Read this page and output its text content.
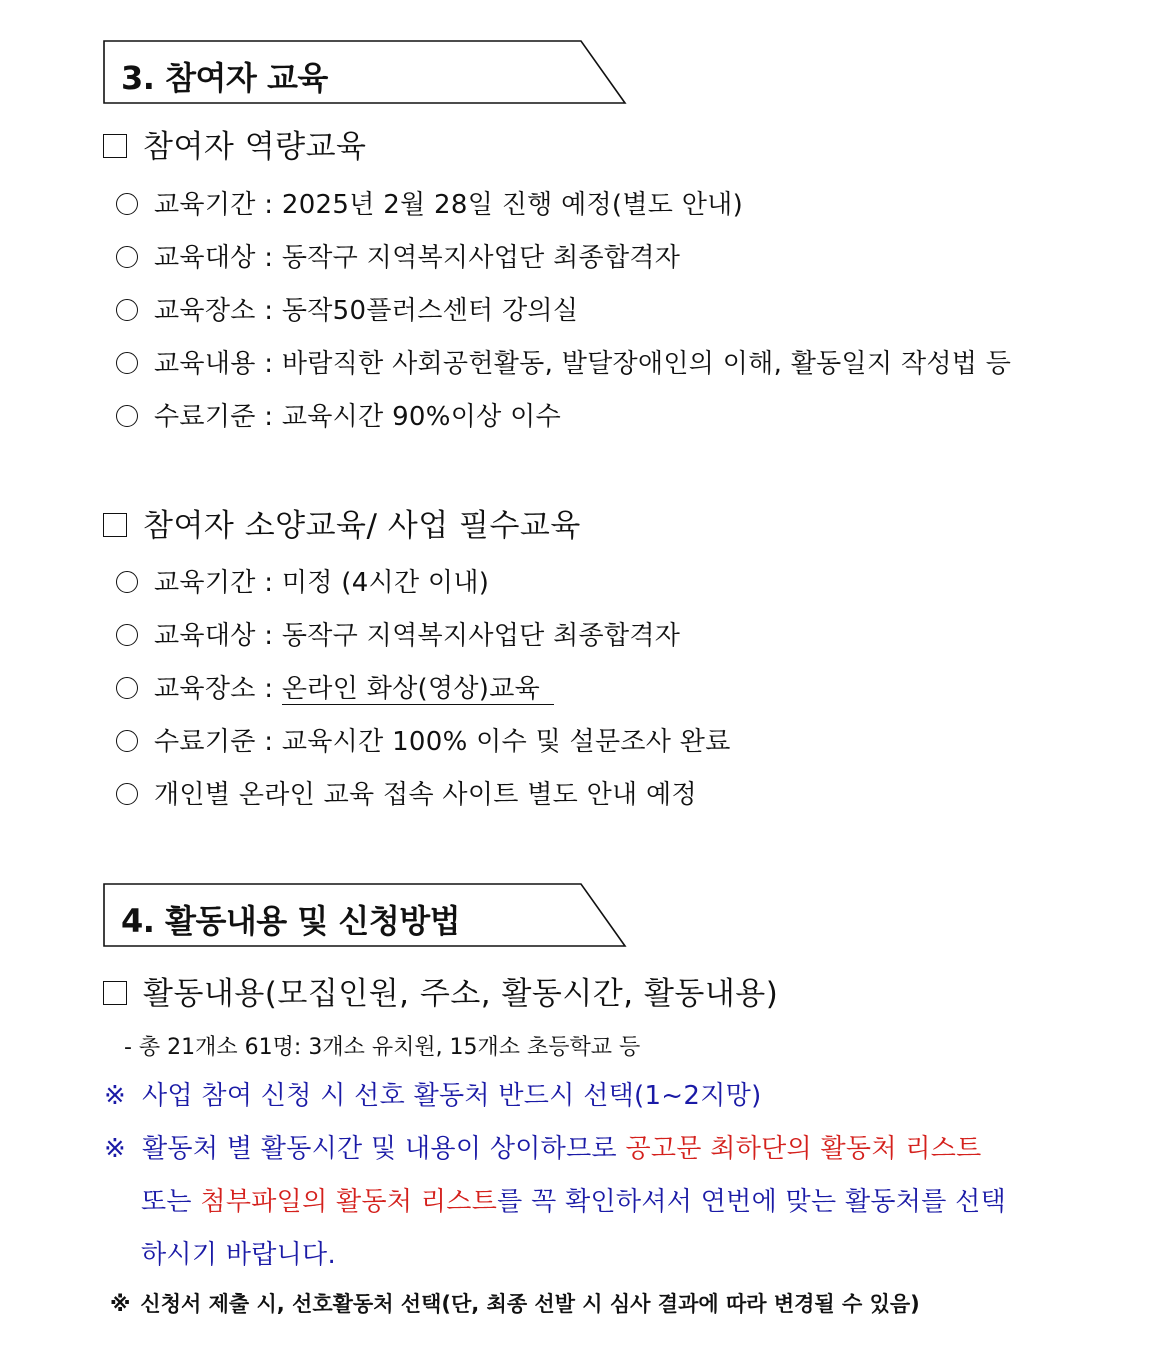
3. 참여자 교육
참여자 역량교육
교육기간 : 2025년 2월 28일 진행 예정(별도 안내)
교육대상 : 동작구 지역복지사업단 최종합격자
교육장소 : 동작50플러스센터 강의실
교육내용 : 바람직한 사회공헌활동, 발달장애인의 이해, 활동일지 작성법 등
수료기준 : 교육시간 90%이상 이수
참여자 소양교육/ 사업 필수교육
교육기간 : 미정 (4시간 이내)
교육대상 : 동작구 지역복지사업단 최종합격자
교육장소 : 온라인 화상(영상)교육
수료기준 : 교육시간 100% 이수 및 설문조사 완료
개인별 온라인 교육 접속 사이트 별도 안내 예정
4. 활동내용 및 신청방법
활동내용(모집인원, 주소, 활동시간, 활동내용)
- 총 21개소 61명: 3개소 유치원, 15개소 초등학교 등
※ 사업 참여 신청 시 선호 활동처 반드시 선택(1~2지망)
※ 활동처 별 활동시간 및 내용이 상이하므로 공고문 최하단의 활동처 리스트
또는 첨부파일의 활동처 리스트를 꼭 확인하셔서 연번에 맞는 활동처를 선택
하시기 바랍니다.
※ 신청서 제출 시, 선호활동처 선택(단, 최종 선발 시 심사 결과에 따라 변경될 수 있음)
